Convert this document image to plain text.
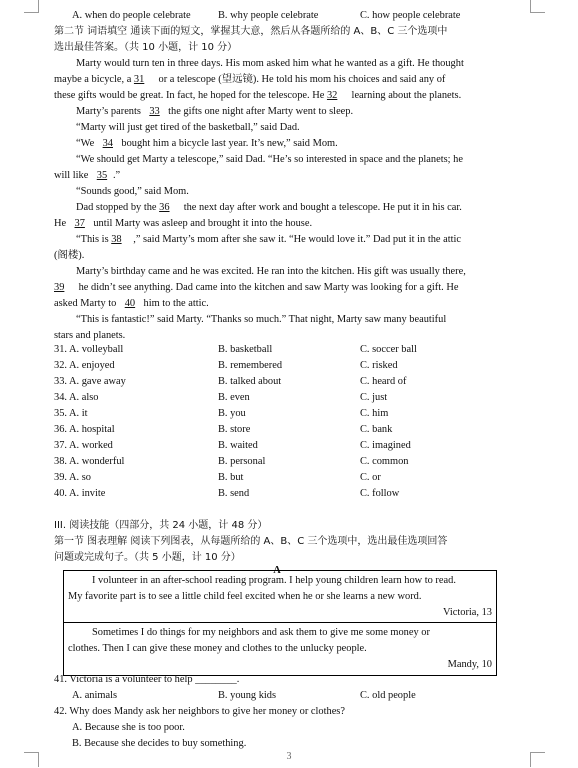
A. when do people celebrate	B. why people celebrate	C. how people celebrate
第二节 词语填空 通读下面的短文，掌握其大意，然后从各题所给的 A、B、C 三个选项中
选出最佳答案。（共 10 小题，计 10 分）
Marty would turn ten in three days. His mom asked him what he wanted as a gift. He thought
maybe a bicycle, a 31 or a telescope (望远镜). He told his mom his choices and said any of
these gifts would be great. In fact, he hoped for the telescope. He 32 learning about the planets.
Marty’s parents 33 the gifts one night after Marty went to sleep.
“Marty will just get tired of the basketball,” said Dad.
“We 34 bought him a bicycle last year. It’s new,” said Mom.
“We should get Marty a telescope,” said Dad. “He’s so interested in space and the planets; he
will like 35 .”
“Sounds good,” said Mom.
Dad stopped by the 36 the next day after work and bought a telescope. He put it in his car.
He 37 until Marty was asleep and brought it into the house.
“This is 38 ,” said Marty’s mom after she saw it. “He would love it.” Dad put it in the attic
(阁楼).
Marty’s birthday came and he was excited. He ran into the kitchen. His gift was usually there,
39 he didn’t see anything. Dad came into the kitchen and saw Marty was looking for a gift. He
asked Marty to 40 him to the attic.
“This is fantastic!” said Marty. “Thanks so much.” That night, Marty saw many beautiful
stars and planets.
31. A. volleyball	B. basketball	C. soccer ball
32. A. enjoyed	B. remembered	C. risked
33. A. gave away	B. talked about	C. heard of
34. A. also	B. even	C. just
35. A. it	B. you	C. him
36. A. hospital	B. store	C. bank
37. A. worked	B. waited	C. imagined
38. A. wonderful	B. personal	C. common
39. A. so	B. but	C. or
40. A. invite	B. send	C. follow
III. 阅读技能（四部分，共 24 小题，计 48 分）
第一节 图表理解 阅读下列图表，从每题所给的 A、B、C 三个选项中，选出最佳选项回答
问题或完成句子。（共 5 小题，计 10 分）
A
I volunteer in an after-school reading program. I help young children learn how to read.
My favorite part is to see a little child feel excited when he or she learns a new word.
Victoria, 13
Sometimes I do things for my neighbors and ask them to give me some money or
clothes. Then I can give these money and clothes to the unlucky people.
Mandy, 10
41. Victoria is a volunteer to help ________.
A. animals	B. young kids	C. old people
42. Why does Mandy ask her neighbors to give her money or clothes?
A. Because she is too poor.
B. Because she decides to buy something.
3
